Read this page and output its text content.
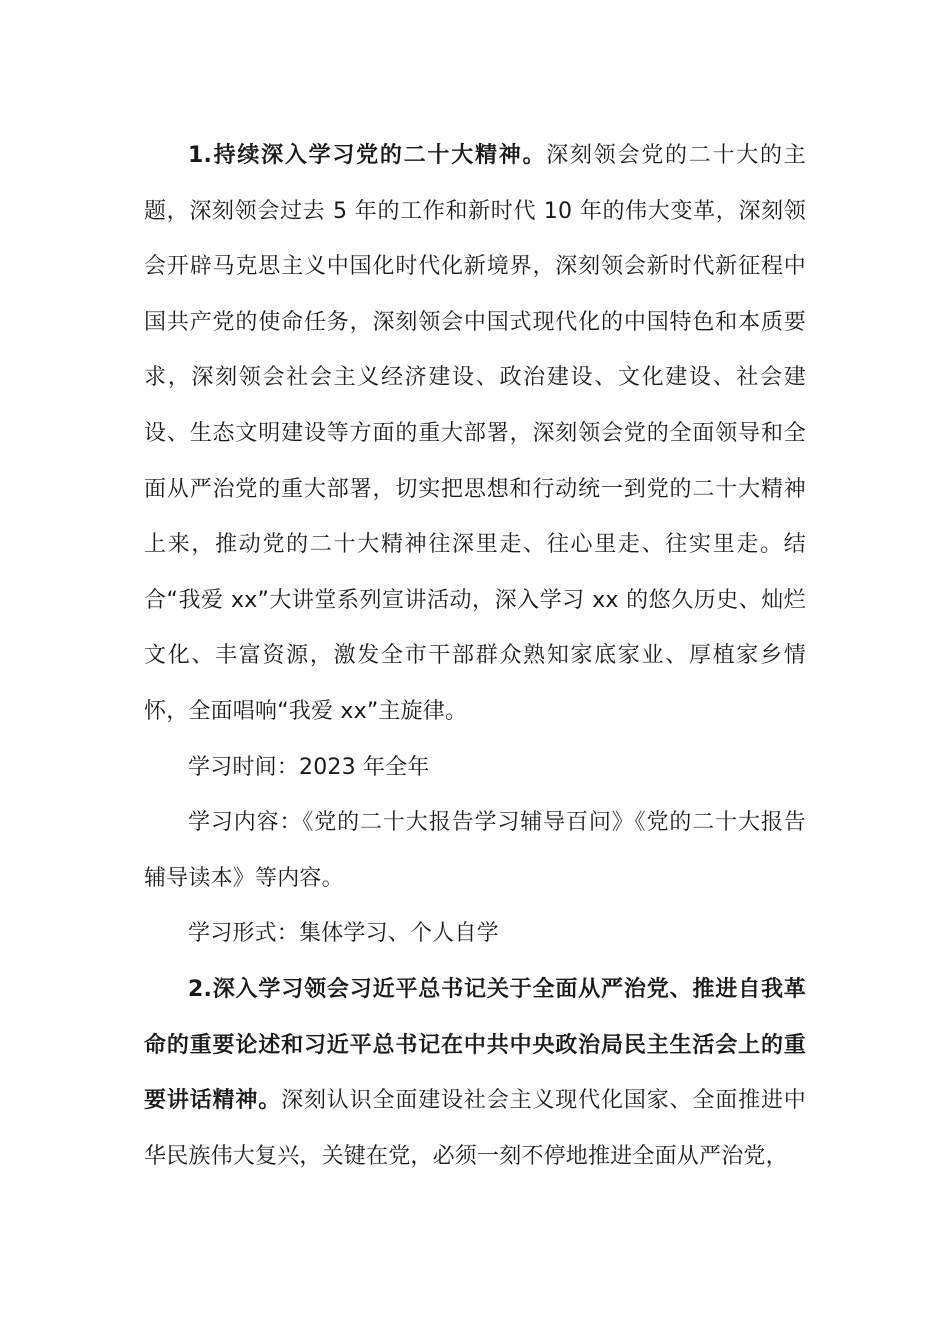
1.持续深入学习党的二十大精神。深刻领会党的二十大的主题，深刻领会过去 5 年的工作和新时代 10 年的伟大变革，深刻领会开辟马克思主义中国化时代化新境界，深刻领会新时代新征程中国共产党的使命任务，深刻领会中国式现代化的中国特色和本质要求，深刻领会社会主义经济建设、政治建设、文化建设、社会建设、生态文明建设等方面的重大部署，深刻领会党的全面领导和全面从严治党的重大部署，切实把思想和行动统一到党的二十大精神上来，推动党的二十大精神往深里走、往心里走、往实里走。结合“我爱 xx”大讲堂系列宣讲活动，深入学习 xx 的悠久历史、灿烂文化、丰富资源，激发全市干部群众熟知家底家业、厚植家乡情怀，全面唱响“我爱 xx”主旋律。

学习时间：2023 年全年

学习内容：《党的二十大报告学习辅导百问》《党的二十大报告辅导读本》等内容。

学习形式：集体学习、个人自学

2.深入学习领会习近平总书记关于全面从严治党、推进自我革命的重要论述和习近平总书记在中共中央政治局民主生活会上的重要讲话精神。深刻认识全面建设社会主义现代化国家、全面推进中华民族伟大复兴，关键在党，必须一刻不停地推进全面从严治党，
